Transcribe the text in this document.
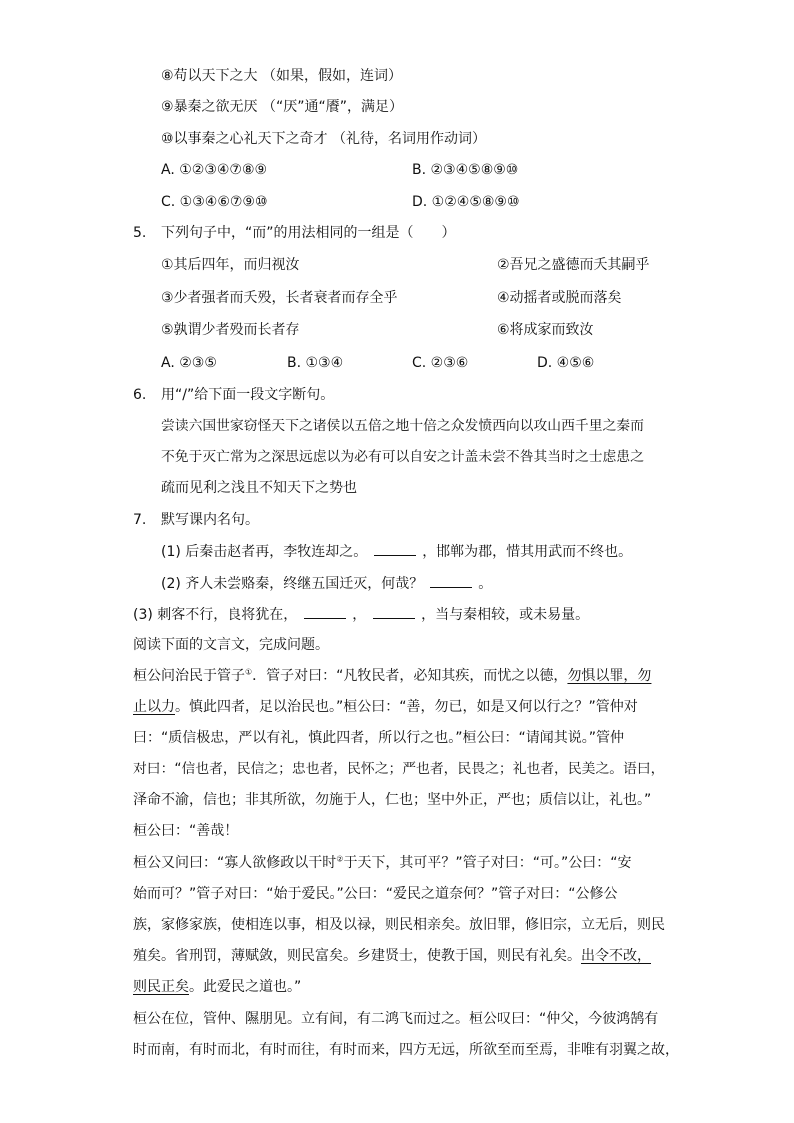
⑧苟以天下之大 （如果，假如，连词）
⑨暴秦之欲无厌 （“厌”通“餍”，满足）
⑩以事秦之心礼天下之奇才 （礼待，名词用作动词）
A. ①②③④⑦⑧⑨	B. ②③④⑤⑧⑨⑩
C. ①③④⑥⑦⑨⑩	D. ①②④⑤⑧⑨⑩
5. 下列句子中，“而”的用法相同的一组是（　　）
①其后四年，而归视汝	②吾兄之盛德而夭其嗣乎
③少者强者而夭殁，长者衰者而存全乎	④动摇者或脱而落矣
⑤孰谓少者殁而长者存	⑥将成家而致汝
A. ②③⑤	B. ①③④	C. ②③⑥	D. ④⑤⑥
6. 用“/”给下面一段文字断句。
尝读六国世家窃怪天下之诸侯以五倍之地十倍之众发愤西向以攻山西千里之秦而
不免于灭亡常为之深思远虑以为必有可以自安之计盖未尝不咎其当时之士虑患之
疏而见利之浅且不知天下之势也
7. 默写课内名句。
(1) 后秦击赵者再，李牧连却之。	，邯郸为郡，惜其用武而不终也。
(2) 齐人未尝赂秦，终继五国迁灭，何哉？	。
(3) 刺客不行，良将犹在，	，	，当与秦相较，或未易量。
阅读下面的文言文，完成问题。
桓公问治民于管子①．管子对曰：“凡牧民者，必知其疾，而忧之以德，勿惧以罪，勿
止以力。慎此四者，足以治民也。”桓公曰：“善，勿已，如是又何以行之？”管仲对
曰：“质信极忠，严以有礼，慎此四者，所以行之也。”桓公曰：“请闻其说。”管仲
对曰：“信也者，民信之；忠也者，民怀之；严也者，民畏之；礼也者，民美之。语曰，
泽命不渝，信也；非其所欲，勿施于人，仁也；坚中外正，严也；质信以让，礼也。”
桓公曰：“善哉！
桓公又问曰：“寡人欲修政以干时②于天下，其可平？”管子对曰：“可。”公曰：“安
始而可？”管子对曰：“始于爱民。”公曰：“爱民之道奈何？”管子对曰：“公修公
族，家修家族，使相连以事，相及以禄，则民相亲矣。放旧罪，修旧宗，立无后，则民
殖矣。省刑罚，薄赋敛，则民富矣。乡建贤士，使教于国，则民有礼矣。出令不改，
则民正矣。此爱民之道也。”
桓公在位，管仲、隰朋见。立有间，有二鸿飞而过之。桓公叹曰：“仲父，今彼鸿鹄有
时而南，有时而北，有时而往，有时而来，四方无远，所欲至而至焉，非唯有羽翼之故，
